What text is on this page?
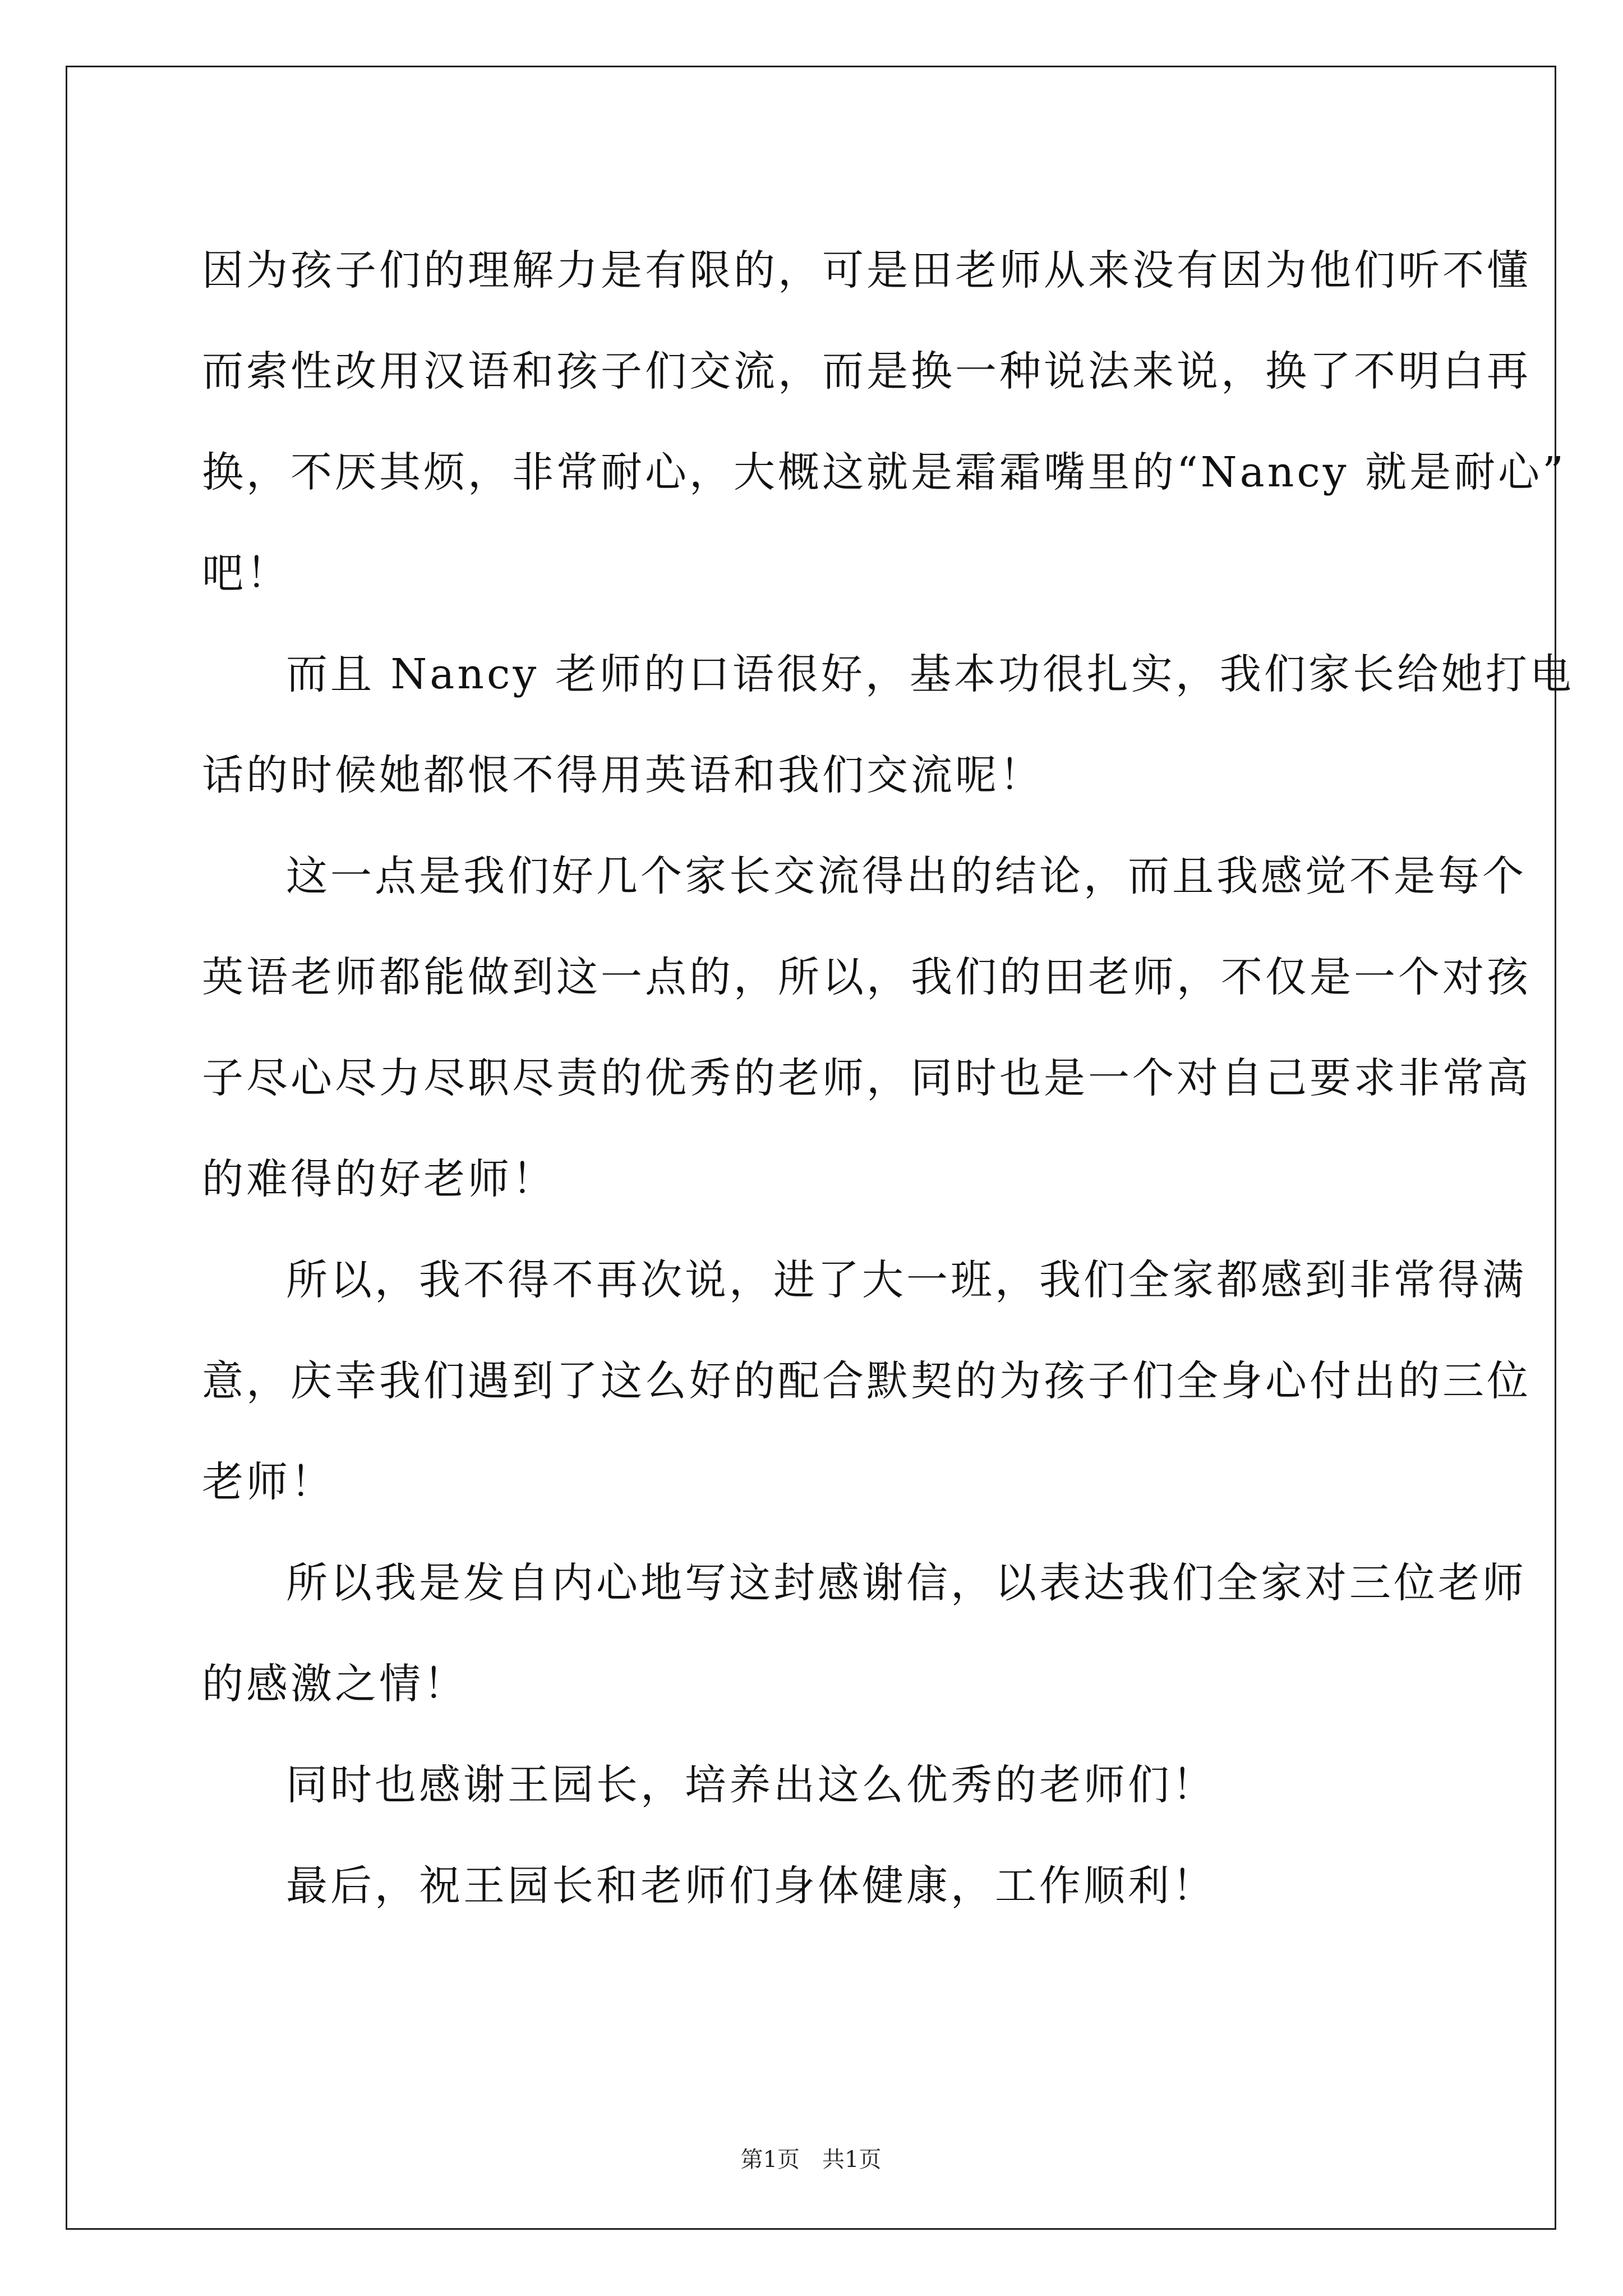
因为孩子们的理解力是有限的，可是田老师从来没有因为他们听不懂
而索性改用汉语和孩子们交流，而是换一种说法来说，换了不明白再
换，不厌其烦，非常耐心，大概这就是霜霜嘴里的“Nancy 就是耐心”
吧！
而且 Nancy 老师的口语很好，基本功很扎实，我们家长给她打电
话的时候她都恨不得用英语和我们交流呢！
这一点是我们好几个家长交流得出的结论，而且我感觉不是每个
英语老师都能做到这一点的，所以，我们的田老师，不仅是一个对孩
子尽心尽力尽职尽责的优秀的老师，同时也是一个对自己要求非常高
的难得的好老师！
所以，我不得不再次说，进了大一班，我们全家都感到非常得满
意，庆幸我们遇到了这么好的配合默契的为孩子们全身心付出的三位
老师！
所以我是发自内心地写这封感谢信，以表达我们全家对三位老师
的感激之情！
同时也感谢王园长，培养出这么优秀的老师们！
最后，祝王园长和老师们身体健康，工作顺利！
第1页　共1页
